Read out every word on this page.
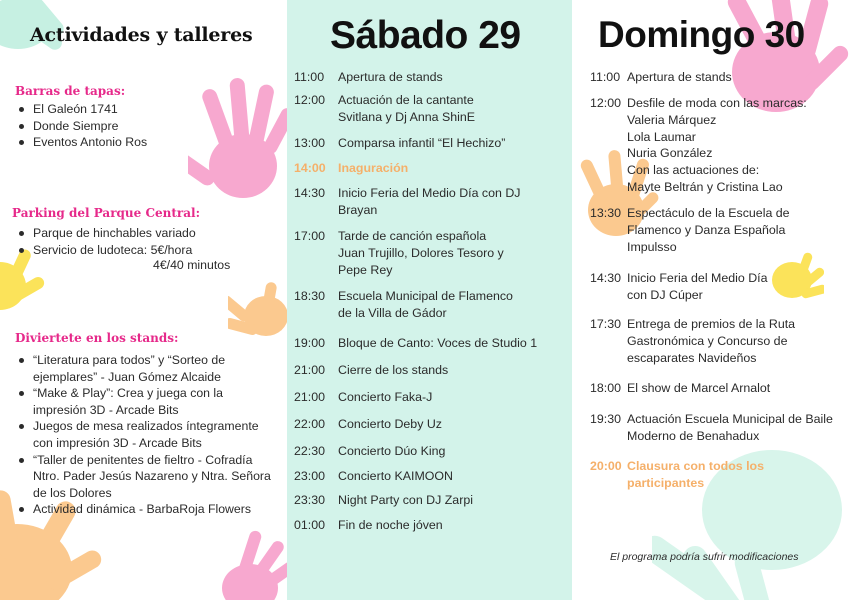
Actividades y talleres
Barras de tapas:
El Galeón 1741
Donde Siempre
Eventos Antonio Ros
Parking del Parque Central:
Parque de hinchables variado
Servicio de ludoteca: 5€/hora
4€/40 minutos
Diviertete en los stands:
“Literatura para todos” y “Sorteo de
ejemplares” - Juan Gómez Alcaide
“Make & Play”: Crea y juega con la
impresión 3D - Arcade Bits
Juegos de mesa realizados íntegramente
con impresión 3D - Arcade Bits
“Taller de penitentes de fieltro - Cofradía
Ntro. Pader Jesús Nazareno y Ntra. Señora
de los Dolores
Actividad dinámica - BarbaRoja Flowers
Sábado 29
11:00 Apertura de stands
12:00 Actuación de la cantante
Svitlana y Dj Anna ShinE
13:00 Comparsa infantil “El Hechizo”
14:00 Inaguración
14:30 Inicio Feria del Medio Día con DJ
Brayan
17:00 Tarde de canción española
Juan Trujillo, Dolores Tesoro y
Pepe Rey
18:30 Escuela Municipal de Flamenco
de la Villa de Gádor
19:00 Bloque de Canto: Voces de Studio 1
21:00 Cierre de los stands
21:00 Concierto Faka-J
22:00 Concierto Deby Uz
22:30 Concierto Dúo King
23:00 Concierto KAIMOON
23:30 Night Party con DJ Zarpi
01:00 Fin de noche jóven
Domingo 30
11:00 Apertura de stands
12:00 Desfile de moda con las marcas:
Valeria Márquez
Lola Laumar
Nuria González
Con las actuaciones de:
Mayte Beltrán y Cristina Lao
13:30 Espectáculo de la Escuela de
Flamenco y Danza Española
Impulsso
14:30 Inicio Feria del Medio Día
con DJ Cúper
17:30 Entrega de premios de la Ruta
Gastronómica y Concurso de
escaparates Navideños
18:00 El show de Marcel Arnalot
19:30 Actuación Escuela Municipal de Baile
Moderno de Benahadux
20:00 Clausura con todos los
participantes
El programa podría sufrir modificaciones
